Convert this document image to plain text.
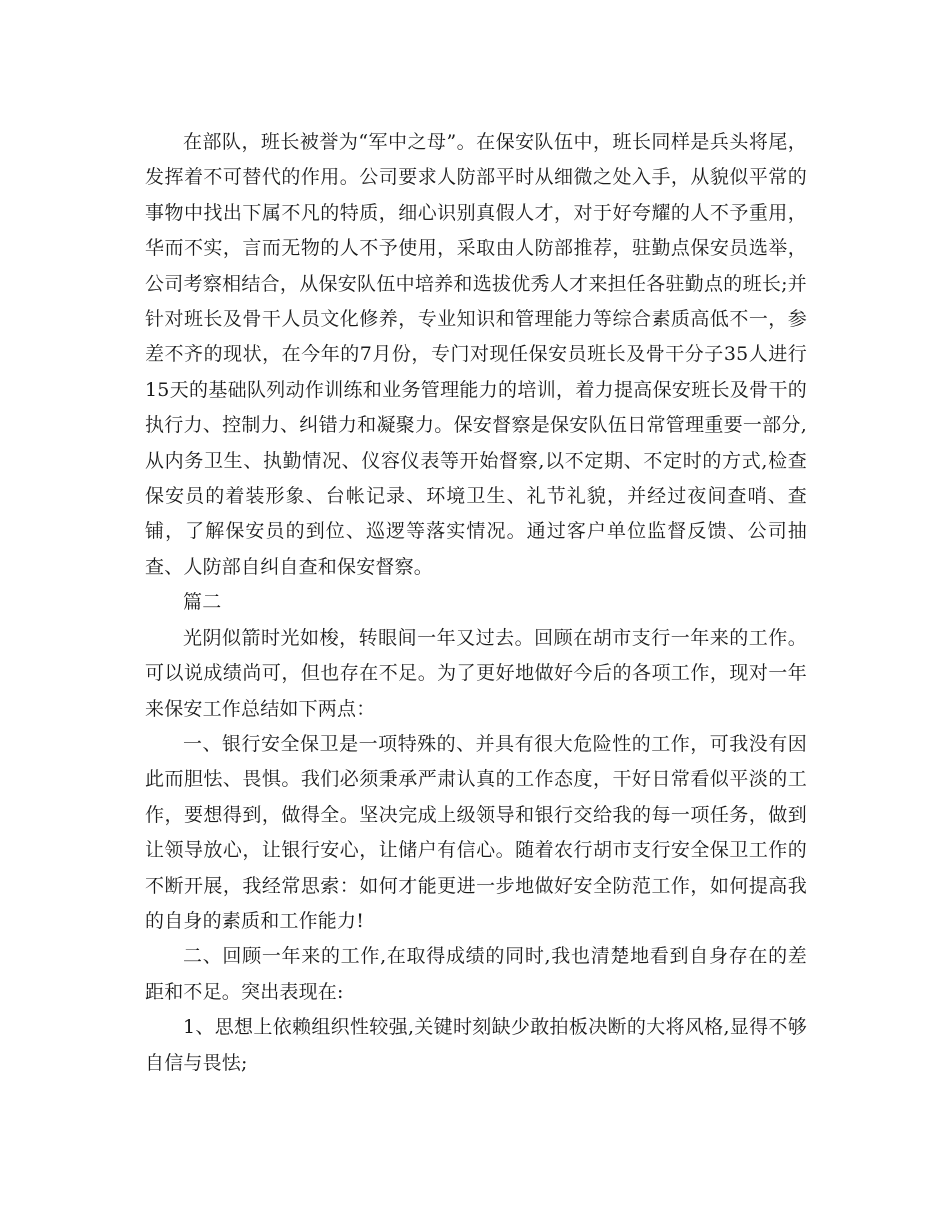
在部队，班长被誉为“军中之母”。在保安队伍中，班长同样是兵头将尾，发挥着不可替代的作用。公司要求人防部平时从细微之处入手，从貌似平常的事物中找出下属不凡的特质，细心识别真假人才，对于好夸耀的人不予重用，华而不实，言而无物的人不予使用，采取由人防部推荐，驻勤点保安员选举，公司考察相结合，从保安队伍中培养和选拔优秀人才来担任各驻勤点的班长;并针对班长及骨干人员文化修养，专业知识和管理能力等综合素质高低不一，参差不齐的现状，在今年的7月份，专门对现任保安员班长及骨干分子35人进行15天的基础队列动作训练和业务管理能力的培训，着力提高保安班长及骨干的执行力、控制力、纠错力和凝聚力。保安督察是保安队伍日常管理重要一部分,从内务卫生、执勤情况、仪容仪表等开始督察,以不定期、不定时的方式,检查保安员的着装形象、台帐记录、环境卫生、礼节礼貌，并经过夜间查哨、查铺，了解保安员的到位、巡逻等落实情况。通过客户单位监督反馈、公司抽查、人防部自纠自查和保安督察。

篇二

光阴似箭时光如梭，转眼间一年又过去。回顾在胡市支行一年来的工作。可以说成绩尚可，但也存在不足。为了更好地做好今后的各项工作，现对一年来保安工作总结如下两点：

一、银行安全保卫是一项特殊的、并具有很大危险性的工作，可我没有因此而胆怯、畏惧。我们必须秉承严肃认真的工作态度，干好日常看似平淡的工作，要想得到，做得全。坚决完成上级领导和银行交给我的每一项任务，做到让领导放心，让银行安心，让储户有信心。随着农行胡市支行安全保卫工作的不断开展，我经常思索：如何才能更进一步地做好安全防范工作，如何提高我的自身的素质和工作能力!

二、回顾一年来的工作,在取得成绩的同时,我也清楚地看到自身存在的差距和不足。突出表现在:

1、思想上依赖组织性较强,关键时刻缺少敢拍板决断的大将风格,显得不够自信与畏怯;
